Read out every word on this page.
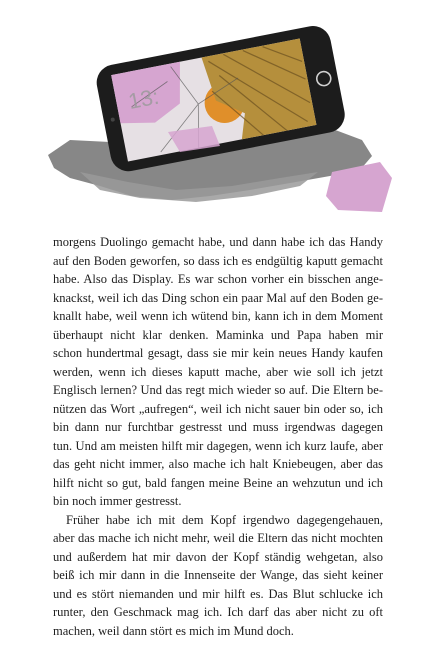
13:
morgens Duolingo gemacht habe, und dann habe ich das Handy
auf den Boden geworfen, so dass ich es endgültig kaputt gemacht
habe. Also das Display. Es war schon vorher ein bisschen ange-
knackst, weil ich das Ding schon ein paar Mal auf den Boden ge-
knallt habe, weil wenn ich wütend bin, kann ich in dem Moment
überhaupt nicht klar denken. Maminka und Papa haben mir
schon hundertmal gesagt, dass sie mir kein neues Handy kaufen
werden, wenn ich dieses kaputt mache, aber wie soll ich jetzt
Englisch lernen? Und das regt mich wieder so auf. Die Eltern be-
nützen das Wort „aufregen“, weil ich nicht sauer bin oder so, ich
bin dann nur furchtbar gestresst und muss irgendwas dagegen
tun. Und am meisten hilft mir dagegen, wenn ich kurz laufe, aber
das geht nicht immer, also mache ich halt Kniebeugen, aber das
hilft nicht so gut, bald fangen meine Beine an wehzutun und ich
bin noch immer gestresst.
Früher habe ich mit dem Kopf irgendwo dagegengehauen,
aber das mache ich nicht mehr, weil die Eltern das nicht mochten
und außerdem hat mir davon der Kopf ständig wehgetan, also
beiß ich mir dann in die Innenseite der Wange, das sieht keiner
und es stört niemanden und mir hilft es. Das Blut schlucke ich
runter, den Geschmack mag ich. Ich darf das aber nicht zu oft
machen, weil dann stört es mich im Mund doch.
